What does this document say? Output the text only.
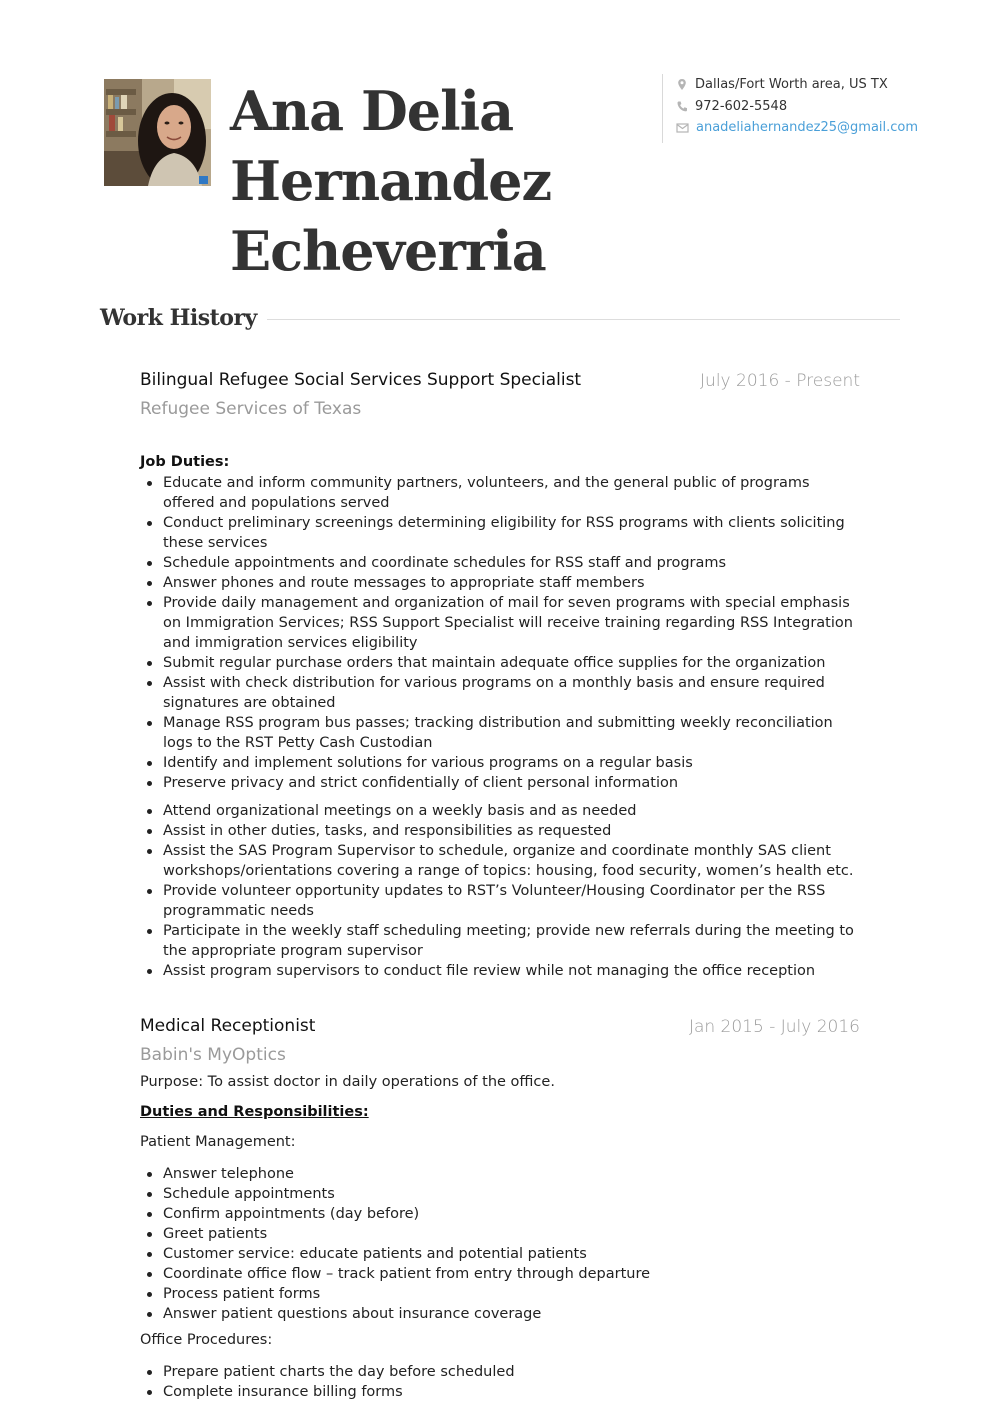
Ana Delia
Hernandez
Echeverria
Dallas/Fort Worth area, US TX
972-602-5548
anadeliahernandez25@gmail.com
Work History
Bilingual Refugee Social Services Support Specialist	July 2016 - Present
Refugee Services of Texas
Job Duties:
Educate and inform community partners, volunteers, and the general public of programs offered and populations served
Conduct preliminary screenings determining eligibility for RSS programs with clients soliciting these services
Schedule appointments and coordinate schedules for RSS staff and programs
Answer phones and route messages to appropriate staff members
Provide daily management and organization of mail for seven programs with special emphasis on Immigration Services; RSS Support Specialist will receive training regarding RSS Integration and immigration services eligibility
Submit regular purchase orders that maintain adequate office supplies for the organization
Assist with check distribution for various programs on a monthly basis and ensure required signatures are obtained
Manage RSS program bus passes; tracking distribution and submitting weekly reconciliation logs to the RST Petty Cash Custodian
Identify and implement solutions for various programs on a regular basis
Preserve privacy and strict confidentially of client personal information
Attend organizational meetings on a weekly basis and as needed
Assist in other duties, tasks, and responsibilities as requested
Assist the SAS Program Supervisor to schedule, organize and coordinate monthly SAS client workshops/orientations covering a range of topics: housing, food security, women’s health etc.
Provide volunteer opportunity updates to RST’s Volunteer/Housing Coordinator per the RSS programmatic needs
Participate in the weekly staff scheduling meeting; provide new referrals during the meeting to the appropriate program supervisor
Assist program supervisors to conduct file review while not managing the office reception
Medical Receptionist	Jan 2015 - July 2016
Babin's MyOptics
Purpose: To assist doctor in daily operations of the office.
Duties and Responsibilities:
Patient Management:
Answer telephone
Schedule appointments
Confirm appointments (day before)
Greet patients
Customer service: educate patients and potential patients
Coordinate office flow – track patient from entry through departure
Process patient forms
Answer patient questions about insurance coverage
Office Procedures:
Prepare patient charts the day before scheduled
Complete insurance billing forms
